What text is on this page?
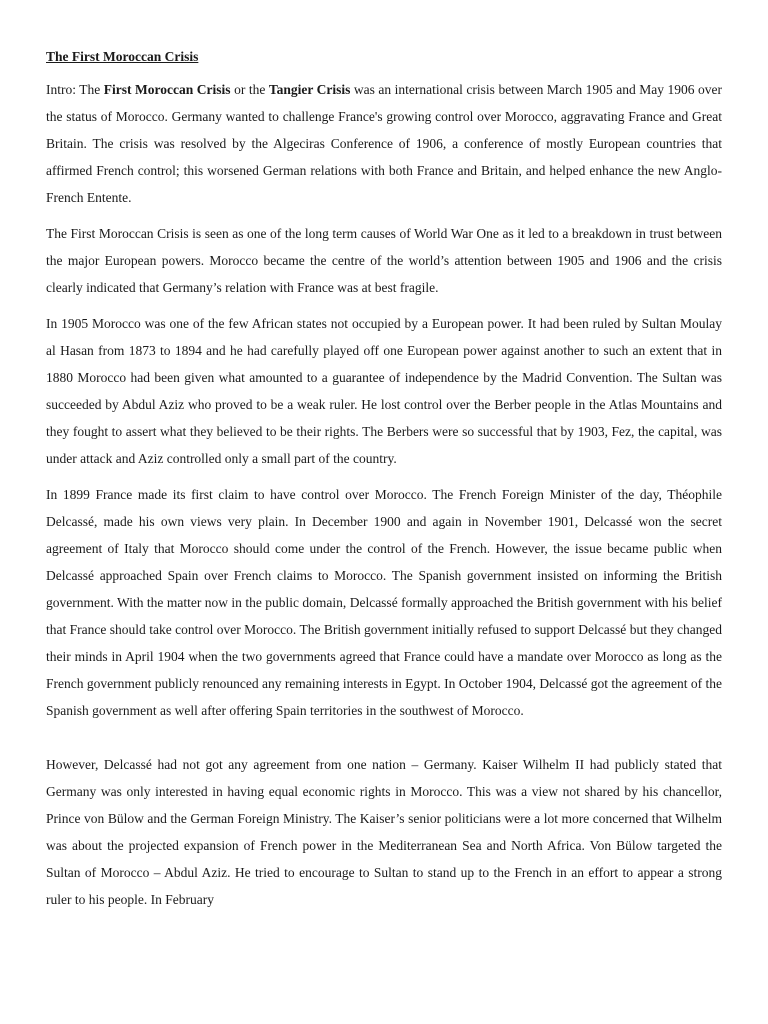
The First Moroccan Crisis

Intro: The First Moroccan Crisis or the Tangier Crisis was an international crisis between March 1905 and May 1906 over the status of Morocco. Germany wanted to challenge France's growing control over Morocco, aggravating France and Great Britain. The crisis was resolved by the Algeciras Conference of 1906, a conference of mostly European countries that affirmed French control; this worsened German relations with both France and Britain, and helped enhance the new Anglo-French Entente.

The First Moroccan Crisis is seen as one of the long term causes of World War One as it led to a breakdown in trust between the major European powers. Morocco became the centre of the world’s attention between 1905 and 1906 and the crisis clearly indicated that Germany’s relation with France was at best fragile.

In 1905 Morocco was one of the few African states not occupied by a European power. It had been ruled by Sultan Moulay al Hasan from 1873 to 1894 and he had carefully played off one European power against another to such an extent that in 1880 Morocco had been given what amounted to a guarantee of independence by the Madrid Convention. The Sultan was succeeded by Abdul Aziz who proved to be a weak ruler. He lost control over the Berber people in the Atlas Mountains and they fought to assert what they believed to be their rights. The Berbers were so successful that by 1903, Fez, the capital, was under attack and Aziz controlled only a small part of the country.

In 1899 France made its first claim to have control over Morocco. The French Foreign Minister of the day, Théophile Delcassé, made his own views very plain. In December 1900 and again in November 1901, Delcassé won the secret agreement of Italy that Morocco should come under the control of the French. However, the issue became public when Delcassé approached Spain over French claims to Morocco. The Spanish government insisted on informing the British government. With the matter now in the public domain, Delcassé formally approached the British government with his belief that France should take control over Morocco. The British government initially refused to support Delcassé but they changed their minds in April 1904 when the two governments agreed that France could have a mandate over Morocco as long as the French government publicly renounced any remaining interests in Egypt. In October 1904, Delcassé got the agreement of the Spanish government as well after offering Spain territories in the southwest of Morocco.

However, Delcassé had not got any agreement from one nation – Germany. Kaiser Wilhelm II had publicly stated that Germany was only interested in having equal economic rights in Morocco. This was a view not shared by his chancellor, Prince von Bülow and the German Foreign Ministry. The Kaiser’s senior politicians were a lot more concerned that Wilhelm was about the projected expansion of French power in the Mediterranean Sea and North Africa. Von Bülow targeted the Sultan of Morocco – Abdul Aziz. He tried to encourage to Sultan to stand up to the French in an effort to appear a strong ruler to his people. In February
